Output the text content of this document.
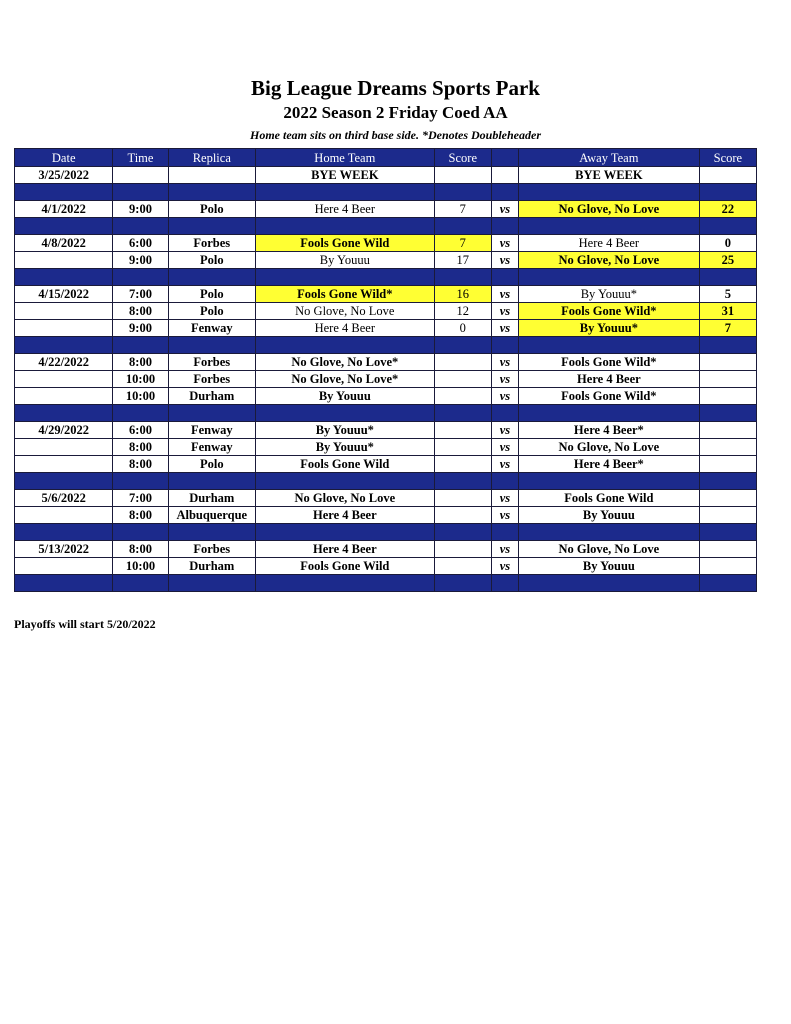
Big League Dreams Sports Park
2022 Season 2 Friday Coed AA

Home team sits on third base side. *Denotes Doubleheader

Date	Time	Replica	Home Team	Score		Away Team	Score
3/25/2022			BYE WEEK			BYE WEEK	

4/1/2022	9:00	Polo	Here 4 Beer	7	vs	No Glove, No Love	22

4/8/2022	6:00	Forbes	Fools Gone Wild	7	vs	Here 4 Beer	0
	9:00	Polo	By Youuu	17	vs	No Glove, No Love	25

4/15/2022	7:00	Polo	Fools Gone Wild*	16	vs	By Youuu*	5
	8:00	Polo	No Glove, No Love	12	vs	Fools Gone Wild*	31
	9:00	Fenway	Here 4 Beer	0	vs	By Youuu*	7

4/22/2022	8:00	Forbes	No Glove, No Love*		vs	Fools Gone Wild*	
	10:00	Forbes	No Glove, No Love*		vs	Here 4 Beer	
	10:00	Durham	By Youuu		vs	Fools Gone Wild*	

4/29/2022	6:00	Fenway	By Youuu*		vs	Here 4 Beer*	
	8:00	Fenway	By Youuu*		vs	No Glove, No Love	
	8:00	Polo	Fools Gone Wild		vs	Here 4 Beer*	

5/6/2022	7:00	Durham	No Glove, No Love		vs	Fools Gone Wild	
	8:00	Albuquerque	Here 4 Beer		vs	By Youuu	

5/13/2022	8:00	Forbes	Here 4 Beer		vs	No Glove, No Love	
	10:00	Durham	Fools Gone Wild		vs	By Youuu	

Playoffs will start 5/20/2022
